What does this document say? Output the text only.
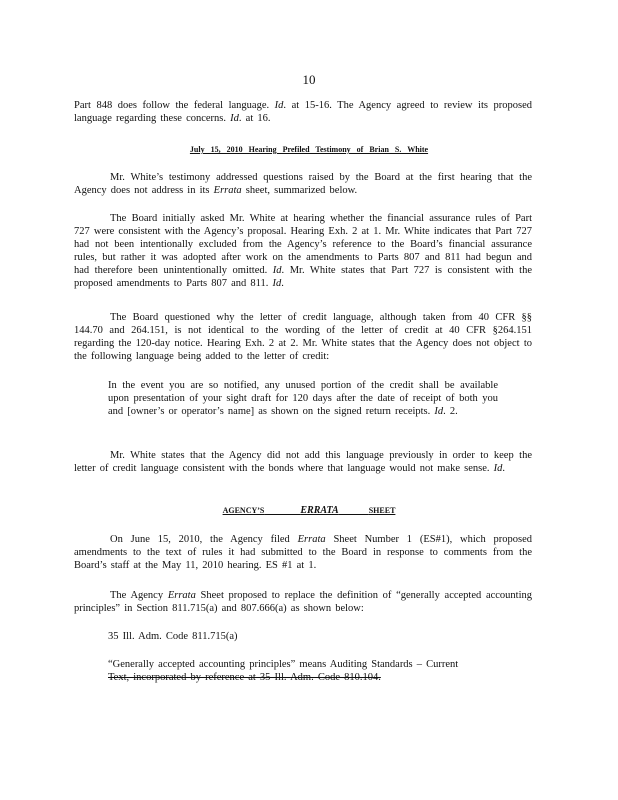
10

Part 848 does follow the federal language. Id. at 15-16. The Agency agreed to review its proposed language regarding these concerns. Id. at 16.

July 15, 2010 Hearing Prefiled Testimony of Brian S. White

Mr. White’s testimony addressed questions raised by the Board at the first hearing that the Agency does not address in its Errata sheet, summarized below.

The Board initially asked Mr. White at hearing whether the financial assurance rules of Part 727 were consistent with the Agency’s proposal. Hearing Exh. 2 at 1. Mr. White indicates that Part 727 had not been intentionally excluded from the Agency’s reference to the Board’s financial assurance rules, but rather it was adopted after work on the amendments to Parts 807 and 811 had begun and had therefore been unintentionally omitted. Id. Mr. White states that Part 727 is consistent with the proposed amendments to Parts 807 and 811. Id.

The Board questioned why the letter of credit language, although taken from 40 CFR §§ 144.70 and 264.151, is not identical to the wording of the letter of credit at 40 CFR §264.151 regarding the 120-day notice. Hearing Exh. 2 at 2. Mr. White states that the Agency does not object to the following language being added to the letter of credit:

In the event you are so notified, any unused portion of the credit shall be available upon presentation of your sight draft for 120 days after the date of receipt of both you and [owner’s or operator’s name] as shown on the signed return receipts. Id. 2.

Mr. White states that the Agency did not add this language previously in order to keep the letter of credit language consistent with the bonds where that language would not make sense. Id.

AGENCY’S	ERRATA	SHEET

On June 15, 2010, the Agency filed Errata Sheet Number 1 (ES#1), which proposed amendments to the text of rules it had submitted to the Board in response to comments from the Board’s staff at the May 11, 2010 hearing. ES #1 at 1.

The Agency Errata Sheet proposed to replace the definition of “generally accepted accounting principles” in Section 811.715(a) and 807.666(a) as shown below:

35 Ill. Adm. Code 811.715(a)

“Generally accepted accounting principles” means Auditing Standards – Current
Text, incorporated by reference at 35 Ill. Adm. Code 810.104.
